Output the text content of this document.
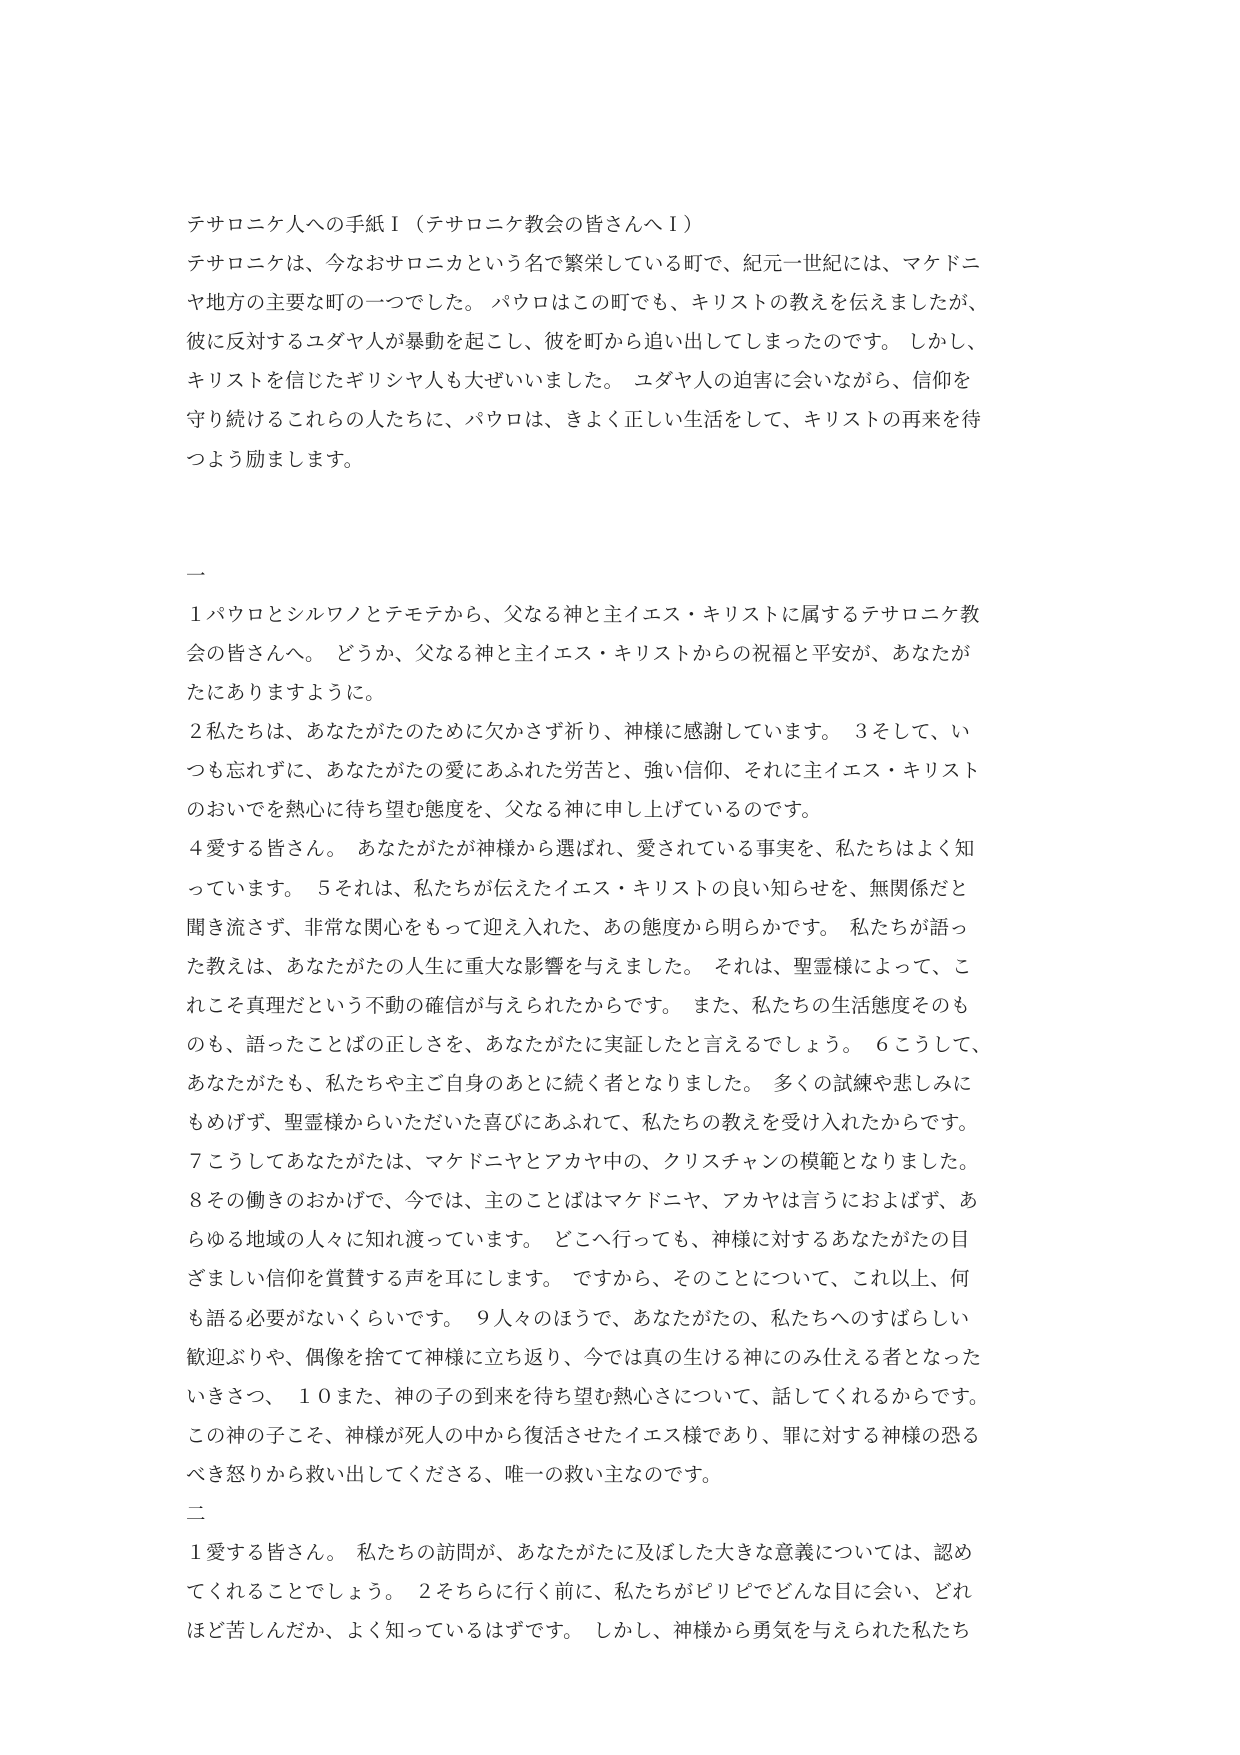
テサロニケ人への手紙Ｉ（テサロニケ教会の皆さんへＩ）
テサロニケは、今なおサロニカという名で繁栄している町で、紀元一世紀には、マケドニ
ヤ地方の主要な町の一つでした。 パウロはこの町でも、キリストの教えを伝えましたが、
彼に反対するユダヤ人が暴動を起こし、彼を町から追い出してしまったのです。 しかし、
キリストを信じたギリシヤ人も大ぜいいました。　ユダヤ人の迫害に会いながら、信仰を
守り続けるこれらの人たちに、パウロは、きよく正しい生活をして、キリストの再来を待
つよう励まします。
一
１パウロとシルワノとテモテから、父なる神と主イエス・キリストに属するテサロニケ教
会の皆さんへ。　どうか、父なる神と主イエス・キリストからの祝福と平安が、あなたが
たにありますように。
２私たちは、あなたがたのために欠かさず祈り、神様に感謝しています。　３そして、い
つも忘れずに、あなたがたの愛にあふれた労苦と、強い信仰、それに主イエス・キリスト
のおいでを熱心に待ち望む態度を、父なる神に申し上げているのです。
４愛する皆さん。　あなたがたが神様から選ばれ、愛されている事実を、私たちはよく知
っています。　５それは、私たちが伝えたイエス・キリストの良い知らせを、無関係だと
聞き流さず、非常な関心をもって迎え入れた、あの態度から明らかです。　私たちが語っ
た教えは、あなたがたの人生に重大な影響を与えました。　それは、聖霊様によって、こ
れこそ真理だという不動の確信が与えられたからです。　また、私たちの生活態度そのも
のも、語ったことばの正しさを、あなたがたに実証したと言えるでしょう。　６こうして、
あなたがたも、私たちや主ご自身のあとに続く者となりました。　多くの試練や悲しみに
もめげず、聖霊様からいただいた喜びにあふれて、私たちの教えを受け入れたからです。
７こうしてあなたがたは、マケドニヤとアカヤ中の、クリスチャンの模範となりました。
８その働きのおかげで、今では、主のことばはマケドニヤ、アカヤは言うにおよばず、あ
らゆる地域の人々に知れ渡っています。　どこへ行っても、神様に対するあなたがたの目
ざましい信仰を賞賛する声を耳にします。　ですから、そのことについて、これ以上、何
も語る必要がないくらいです。　９人々のほうで、あなたがたの、私たちへのすばらしい
歓迎ぶりや、偶像を捨てて神様に立ち返り、今では真の生ける神にのみ仕える者となった
いきさつ、　１０また、神の子の到来を待ち望む熱心さについて、話してくれるからです。
この神の子こそ、神様が死人の中から復活させたイエス様であり、罪に対する神様の恐る
べき怒りから救い出してくださる、唯一の救い主なのです。
二
１愛する皆さん。　私たちの訪問が、あなたがたに及ぼした大きな意義については、認め
てくれることでしょう。　２そちらに行く前に、私たちがピリピでどんな目に会い、どれ
ほど苦しんだか、よく知っているはずです。　しかし、神様から勇気を与えられた私たち
